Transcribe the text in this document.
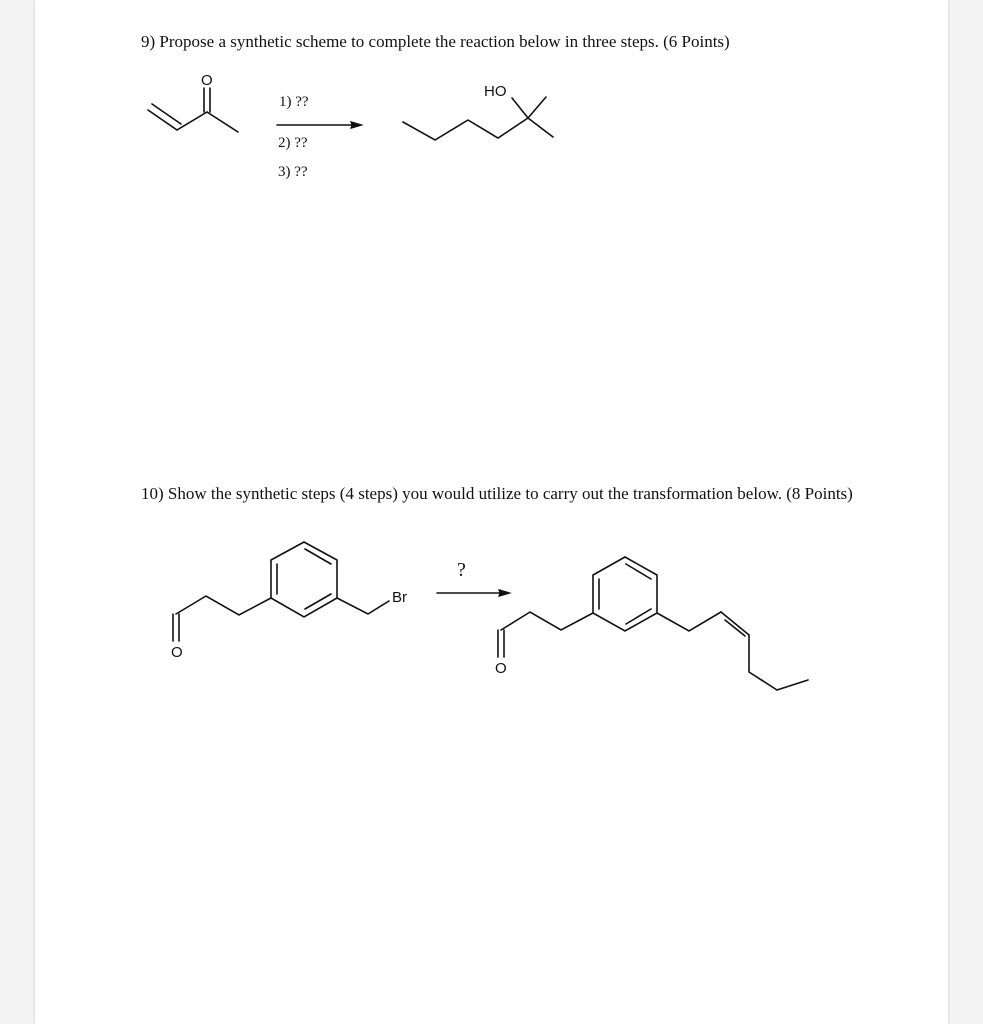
9) Propose a synthetic scheme to complete the reaction below in three steps. (6 Points)

O
HO
1) ??
2) ??
3) ??

10) Show the synthetic steps (4 steps) you would utilize to carry out the transformation below. (8 Points)

O
Br
?
O
